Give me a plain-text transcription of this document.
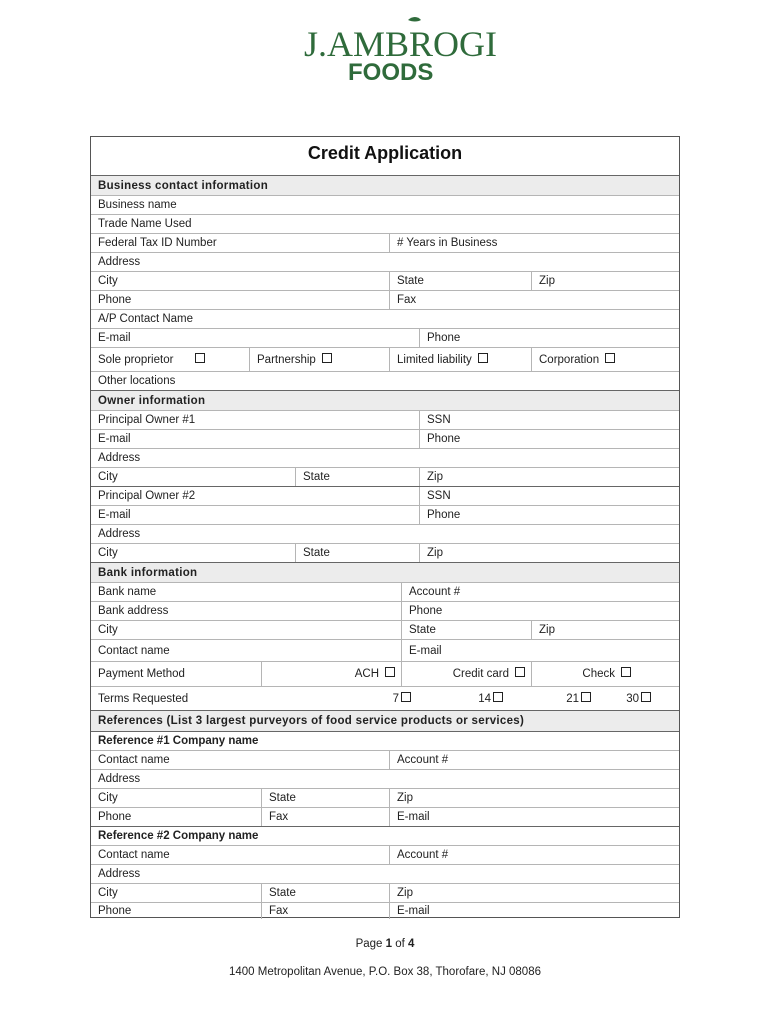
J.AMBROGI
FOODS
Credit Application
Business contact information
Business name
Trade Name Used
Federal Tax ID Number	# Years in Business
Address
City	State	Zip
Phone	Fax
A/P Contact Name
E-mail	Phone
Sole proprietor	Partnership	Limited liability	Corporation
Other locations
Owner information
Principal Owner #1	SSN
E-mail	Phone
Address
City	State	Zip
Principal Owner #2	SSN
E-mail	Phone
Address
City	State	Zip
Bank information
Bank name	Account #
Bank address	Phone
City	State	Zip
Contact name	E-mail
Payment Method	ACH	Credit card	Check
Terms Requested	7	14	21	30
References (List 3 largest purveyors of food service products or services)
Reference #1 Company name
Contact name	Account #
Address
City	State	Zip
Phone	Fax	E-mail
Reference #2 Company name
Contact name	Account #
Address
City	State	Zip
Phone	Fax	E-mail
Page 1 of 4
1400 Metropolitan Avenue, P.O. Box 38, Thorofare, NJ 08086
